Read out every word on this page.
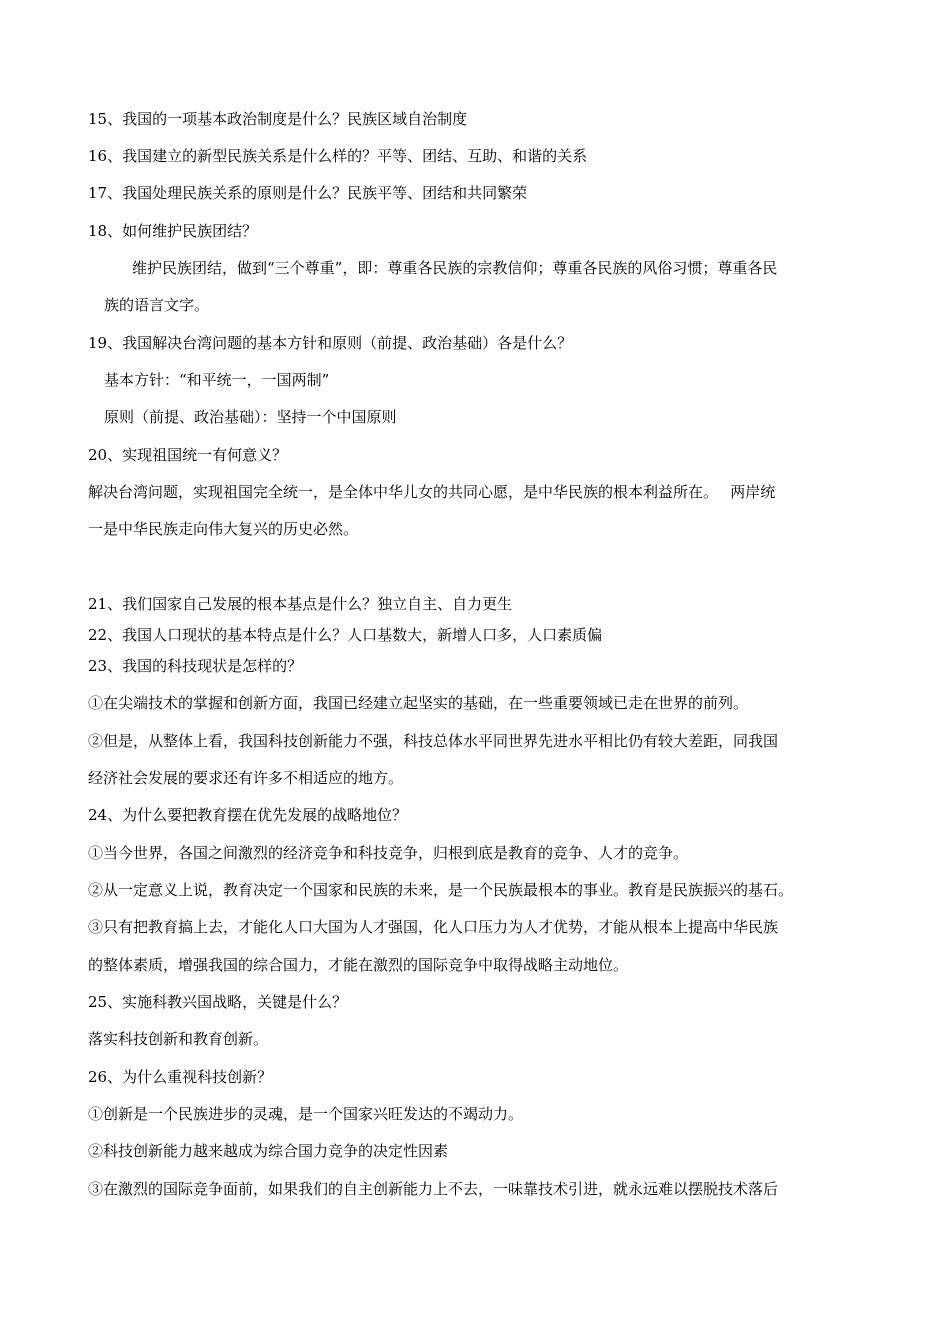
15、我国的一项基本政治制度是什么？民族区域自治制度

16、我国建立的新型民族关系是什么样的？平等、团结、互助、和谐的关系

17、我国处理民族关系的原则是什么？民族平等、团结和共同繁荣

18、如何维护民族团结？

维护民族团结，做到“三个尊重”，即：尊重各民族的宗教信仰；尊重各民族的风俗习惯；尊重各民

族的语言文字。

19、我国解决台湾问题的基本方针和原则（前提、政治基础）各是什么？

基本方针：“和平统一，一国两制”

原则（前提、政治基础）：坚持一个中国原则

20、实现祖国统一有何意义？

解决台湾问题，实现祖国完全统一，是全体中华儿女的共同心愿，是中华民族的根本利益所在。　 两岸统

一是中华民族走向伟大复兴的历史必然。

21、我们国家自己发展的根本基点是什么？独立自主、自力更生

22、我国人口现状的基本特点是什么？人口基数大，新增人口多，人口素质偏

23、我国的科技现状是怎样的？

①在尖端技术的掌握和创新方面，我国已经建立起坚实的基础，在一些重要领域已走在世界的前列。

②但是，从整体上看，我国科技创新能力不强，科技总体水平同世界先进水平相比仍有较大差距，同我国

经济社会发展的要求还有许多不相适应的地方。

24、为什么要把教育摆在优先发展的战略地位？

①当今世界，各国之间激烈的经济竞争和科技竞争，归根到底是教育的竞争、人才的竞争。

②从一定意义上说，教育决定一个国家和民族的未来，是一个民族最根本的事业。教育是民族振兴的基石。

③只有把教育搞上去，才能化人口大国为人才强国，化人口压力为人才优势，才能从根本上提高中华民族

的整体素质，增强我国的综合国力，才能在激烈的国际竞争中取得战略主动地位。

25、实施科教兴国战略，关键是什么？

落实科技创新和教育创新。

26、为什么重视科技创新？

①创新是一个民族进步的灵魂，是一个国家兴旺发达的不竭动力。

②科技创新能力越来越成为综合国力竞争的决定性因素

③在激烈的国际竞争面前，如果我们的自主创新能力上不去，一味靠技术引进，就永远难以摆脱技术落后
